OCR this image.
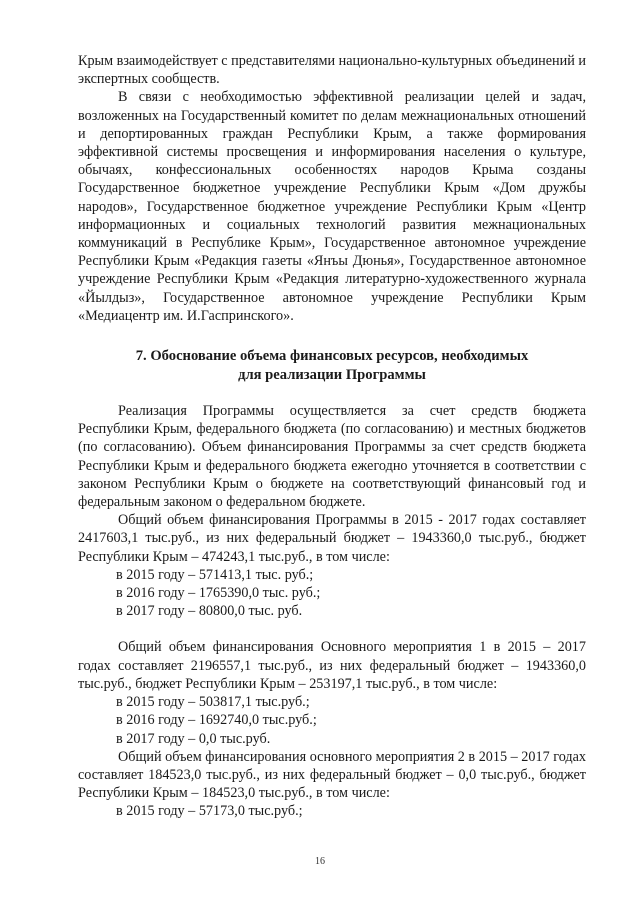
Крым взаимодействует с представителями национально-культурных объединений и экспертных сообществ.

В связи с необходимостью эффективной реализации целей и задач, возложенных на Государственный комитет по делам межнациональных отношений и депортированных граждан Республики Крым, а также формирования эффективной системы просвещения и информирования населения о культуре, обычаях, конфессиональных особенностях народов Крыма созданы Государственное бюджетное учреждение Республики Крым «Дом дружбы народов», Государственное бюджетное учреждение Республики Крым «Центр информационных и социальных технологий развития межнациональных коммуникаций в Республике Крым», Государственное автономное учреждение Республики Крым «Редакция газеты «Янъы Дюнья», Государственное автономное учреждение Республики Крым «Редакция литературно-художественного журнала «Йылдыз», Государственное автономное учреждение Республики Крым «Медиацентр им. И.Гаспринского».

7. Обоснование объема финансовых ресурсов, необходимых
для реализации Программы

Реализация Программы осуществляется за счет средств бюджета Республики Крым, федерального бюджета (по согласованию) и местных бюджетов (по согласованию). Объем финансирования Программы за счет средств бюджета Республики Крым и федерального бюджета ежегодно уточняется в соответствии с законом Республики Крым о бюджете на соответствующий финансовый год и федеральным законом о федеральном бюджете.

Общий объем финансирования Программы в 2015 - 2017 годах составляет 2417603,1 тыс.руб., из них федеральный бюджет – 1943360,0 тыс.руб., бюджет Республики Крым – 474243,1 тыс.руб., в том числе:

в 2015 году – 571413,1 тыс. руб.;
в 2016 году – 1765390,0 тыс. руб.;
в 2017 году – 80800,0 тыс. руб.

Общий объем финансирования Основного мероприятия 1 в 2015 – 2017 годах составляет 2196557,1 тыс.руб., из них федеральный бюджет – 1943360,0 тыс.руб., бюджет Республики Крым – 253197,1 тыс.руб., в том числе:

в 2015 году – 503817,1 тыс.руб.;
в 2016 году – 1692740,0 тыс.руб.;
в 2017 году – 0,0 тыс.руб.

Общий объем финансирования основного мероприятия 2 в 2015 – 2017 годах составляет 184523,0 тыс.руб., из них федеральный бюджет – 0,0 тыс.руб., бюджет Республики Крым – 184523,0 тыс.руб., в том числе:

в 2015 году – 57173,0 тыс.руб.;
16
